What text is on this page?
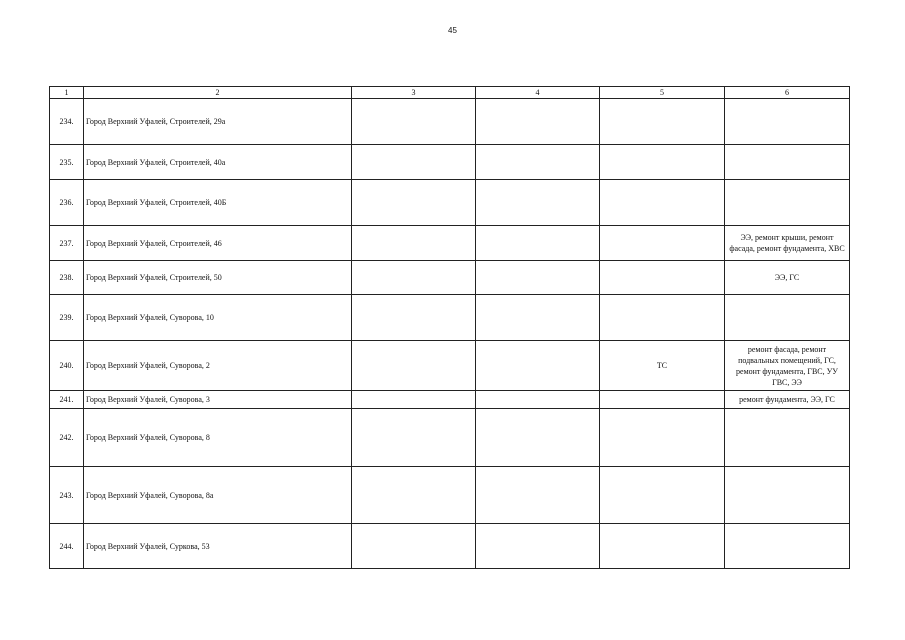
45
1	2	3	4	5	6
234.	Город Верхний Уфалей, Строителей, 29а				
235.	Город Верхний Уфалей, Строителей, 40а				
236.	Город Верхний Уфалей, Строителей, 40Б				
237.	Город Верхний Уфалей, Строителей, 46				ЭЭ, ремонт крыши, ремонт фасада, ремонт фундамента, ХВС
238.	Город Верхний Уфалей, Строителей, 50				ЭЭ, ГС
239.	Город Верхний Уфалей, Суворова, 10				
240.	Город Верхний Уфалей, Суворова, 2			ТС	ремонт фасада, ремонт подвальных помещений, ГС, ремонт фундамента, ГВС, УУ ГВС, ЭЭ
241.	Город Верхний Уфалей, Суворова, 3				ремонт фундамента, ЭЭ, ГС
242.	Город Верхний Уфалей, Суворова, 8				
243.	Город Верхний Уфалей, Суворова, 8а				
244.	Город Верхний Уфалей, Суркова, 53				
